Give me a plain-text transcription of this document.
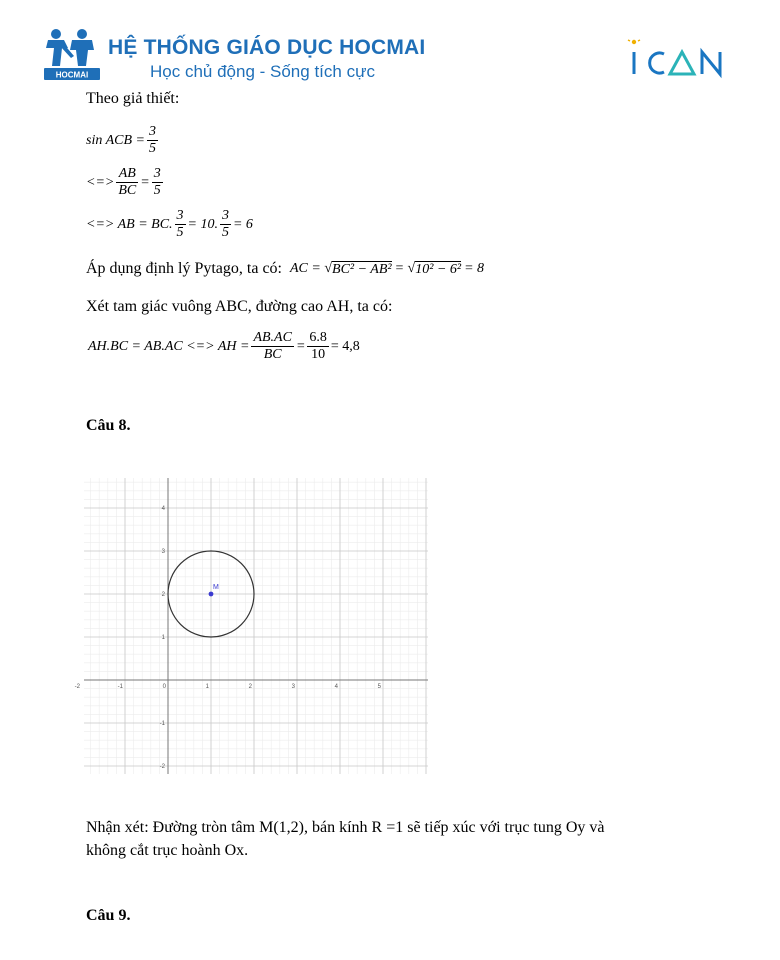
HOCMAI
HỆ THỐNG GIÁO DỤC HOCMAI
Học chủ động - Sống tích cực
Theo giả thiết:
sin ACB = $\frac{3}{5}$
<=> $\frac{AB}{BC} = \frac{3}{5}$
<=> AB = BC. $\frac{3}{5} = 10$. $\frac{3}{5} = 6$
Áp dụng định lý Pytago, ta có: AC = √ BC² − AB² = √ 10² − 6² = 8
Xét tam giác vuông ABC, đường cao AH, ta có:
AH.BC = AB.AC <=> AH = $\frac{AB.AC}{BC} = \frac{6.8}{10} = 4,8$
Câu 8.
-2	-1	0	1	2	3	4	5
4
3
2
1
-1
-2
M
Nhận xét: Đường tròn tâm M(1,2), bán kính R =1 sẽ tiếp xúc với trục tung Oy và
không cắt trục hoành Ox.
Câu 9.
